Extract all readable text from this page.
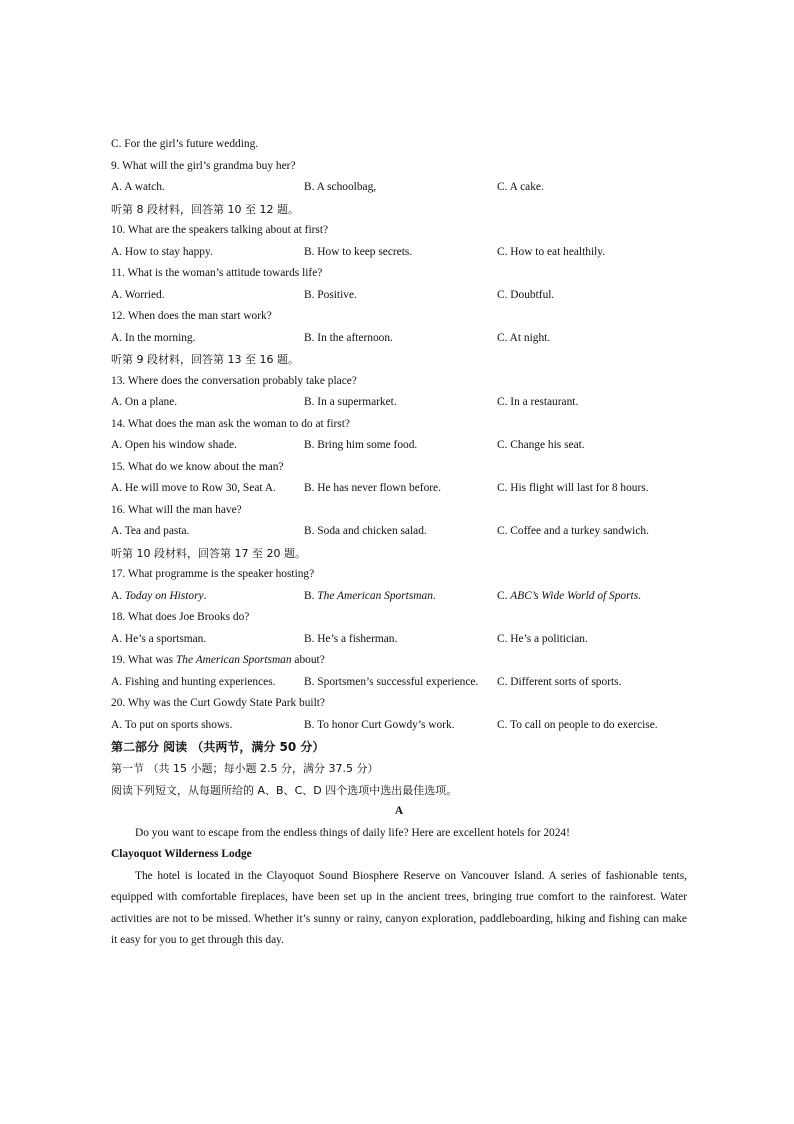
C. For the girl’s future wedding.
9. What will the girl’s grandma buy her?
A. A watch.	B. A schoolbag,	C. A cake.
听第 8 段材料，回答第 10 至 12 题。
10. What are the speakers talking about at first?
A. How to stay happy.	B. How to keep secrets.	C. How to eat healthily.
11. What is the woman’s attitude towards life?
A. Worried.	B. Positive.	C. Doubtful.
12. When does the man start work?
A. In the morning.	B. In the afternoon.	C. At night.
听第 9 段材料，回答第 13 至 16 题。
13. Where does the conversation probably take place?
A. On a plane.	B. In a supermarket.	C. In a restaurant.
14. What does the man ask the woman to do at first?
A. Open his window shade.	B. Bring him some food.	C. Change his seat.
15. What do we know about the man?
A. He will move to Row 30, Seat A. B. He has never flown before.	C. His flight will last for 8 hours.
16. What will the man have?
A. Tea and pasta.	B. Soda and chicken salad.	C. Coffee and a turkey sandwich.
听第 10 段材料，回答第 17 至 20 题。
17. What programme is the speaker hosting?
A. Today on History.	B. The American Sportsman.	C. ABC’s Wide World of Sports.
18. What does Joe Brooks do?
A. He’s a sportsman.	B. He’s a fisherman.	C. He’s a politician.
19. What was The American Sportsman about?
A. Fishing and hunting experiences. B. Sportsmen’s successful experience. C. Different sorts of sports.
20. Why was the Curt Gowdy State Park built?
A. To put on sports shows.	B. To honor Curt Gowdy’s work.	C. To call on people to do exercise.
第二部分 阅读 （共两节，满分 50 分）
第一节 （共 15 小题；每小题 2.5 分，满分 37.5 分）
阅读下列短文，从每题所给的 A、B、C、D 四个选项中选出最佳选项。
A
Do you want to escape from the endless things of daily life? Here are excellent hotels for 2024!
Clayoquot Wilderness Lodge

The hotel is located in the Clayoquot Sound Biosphere Reserve on Vancouver Island. A series of fashionable tents, equipped with comfortable fireplaces, have been set up in the ancient trees, bringing true comfort to the rainforest. Water activities are not to be missed. Whether it’s sunny or rainy, canyon exploration, paddleboarding, hiking and fishing can make it easy for you to get through this day.
